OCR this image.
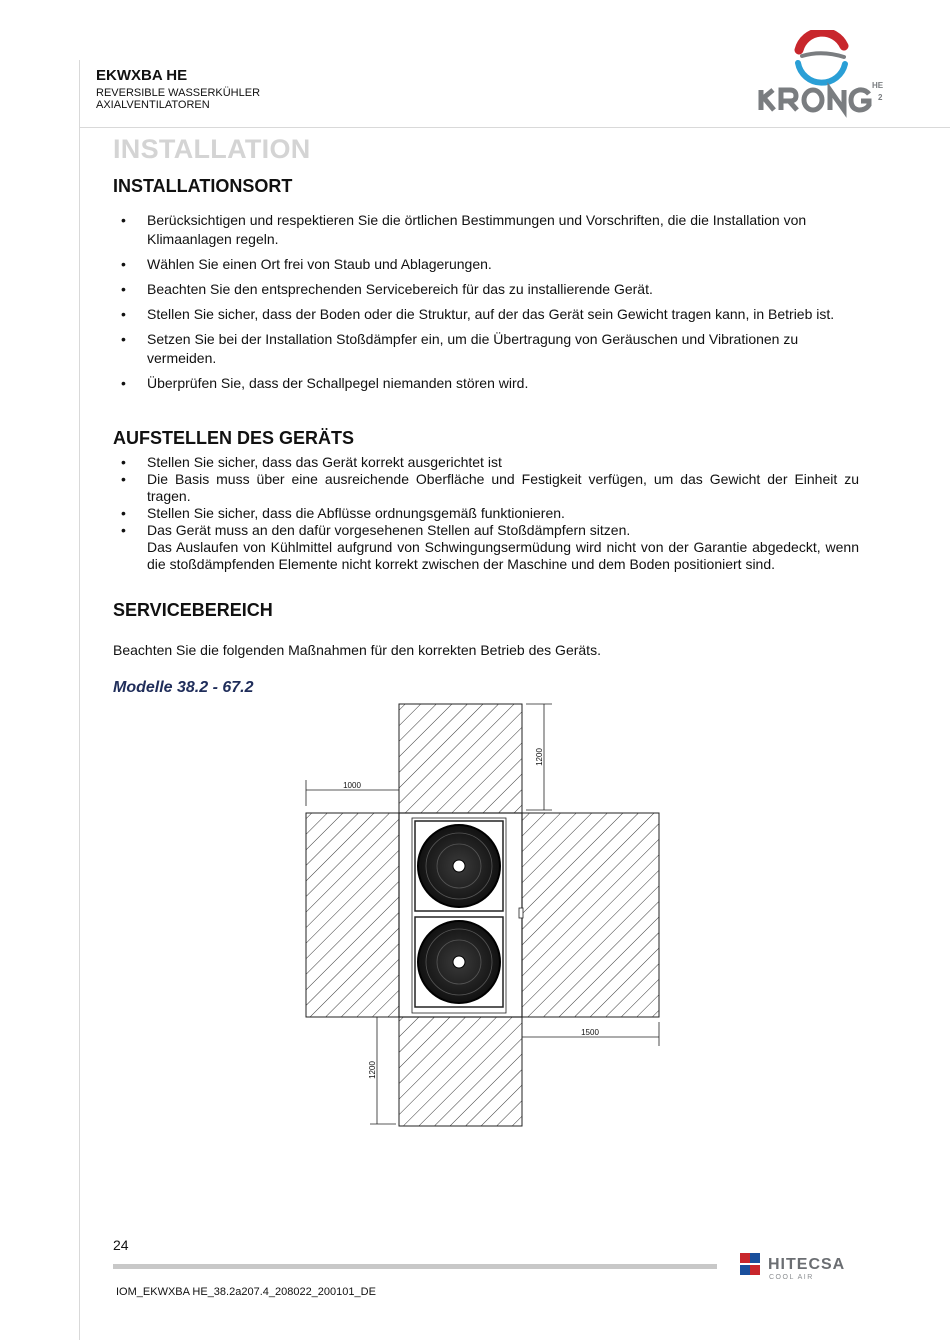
EKWXBA HE
REVERSIBLE WASSERKÜHLER
AXIALVENTILATOREN
HE
2
INSTALLATION
INSTALLATIONSORT
• Berücksichtigen und respektieren Sie die örtlichen Bestimmungen und Vorschriften, die die Installation von Klimaanlagen regeln.
• Wählen Sie einen Ort frei von Staub und Ablagerungen.
• Beachten Sie den entsprechenden Servicebereich für das zu installierende Gerät.
• Stellen Sie sicher, dass der Boden oder die Struktur, auf der das Gerät sein Gewicht tragen kann, in Betrieb ist.
• Setzen Sie bei der Installation Stoßdämpfer ein, um die Übertragung von Geräuschen und Vibrationen zu vermeiden.
• Überprüfen Sie, dass der Schallpegel niemanden stören wird.
AUFSTELLEN DES GERÄTS
• Stellen Sie sicher, dass das Gerät korrekt ausgerichtet ist
• Die Basis muss über eine ausreichende Oberfläche und Festigkeit verfügen, um das Gewicht der Einheit zu tragen.
• Stellen Sie sicher, dass die Abflüsse ordnungsgemäß funktionieren.
• Das Gerät muss an den dafür vorgesehenen Stellen auf Stoßdämpfern sitzen.
Das Auslaufen von Kühlmittel aufgrund von Schwingungsermüdung wird nicht von der Garantie abgedeckt, wenn die stoßdämpfenden Elemente nicht korrekt zwischen der Maschine und dem Boden positioniert sind.
SERVICEBEREICH
Beachten Sie die folgenden Maßnahmen für den korrekten Betrieb des Geräts.
Modelle 38.2 - 67.2
1200
1000
1500
1200
24
IOM_EKWXBA HE_38.2a207.4_208022_200101_DE
HITECSA
COOL AIR
